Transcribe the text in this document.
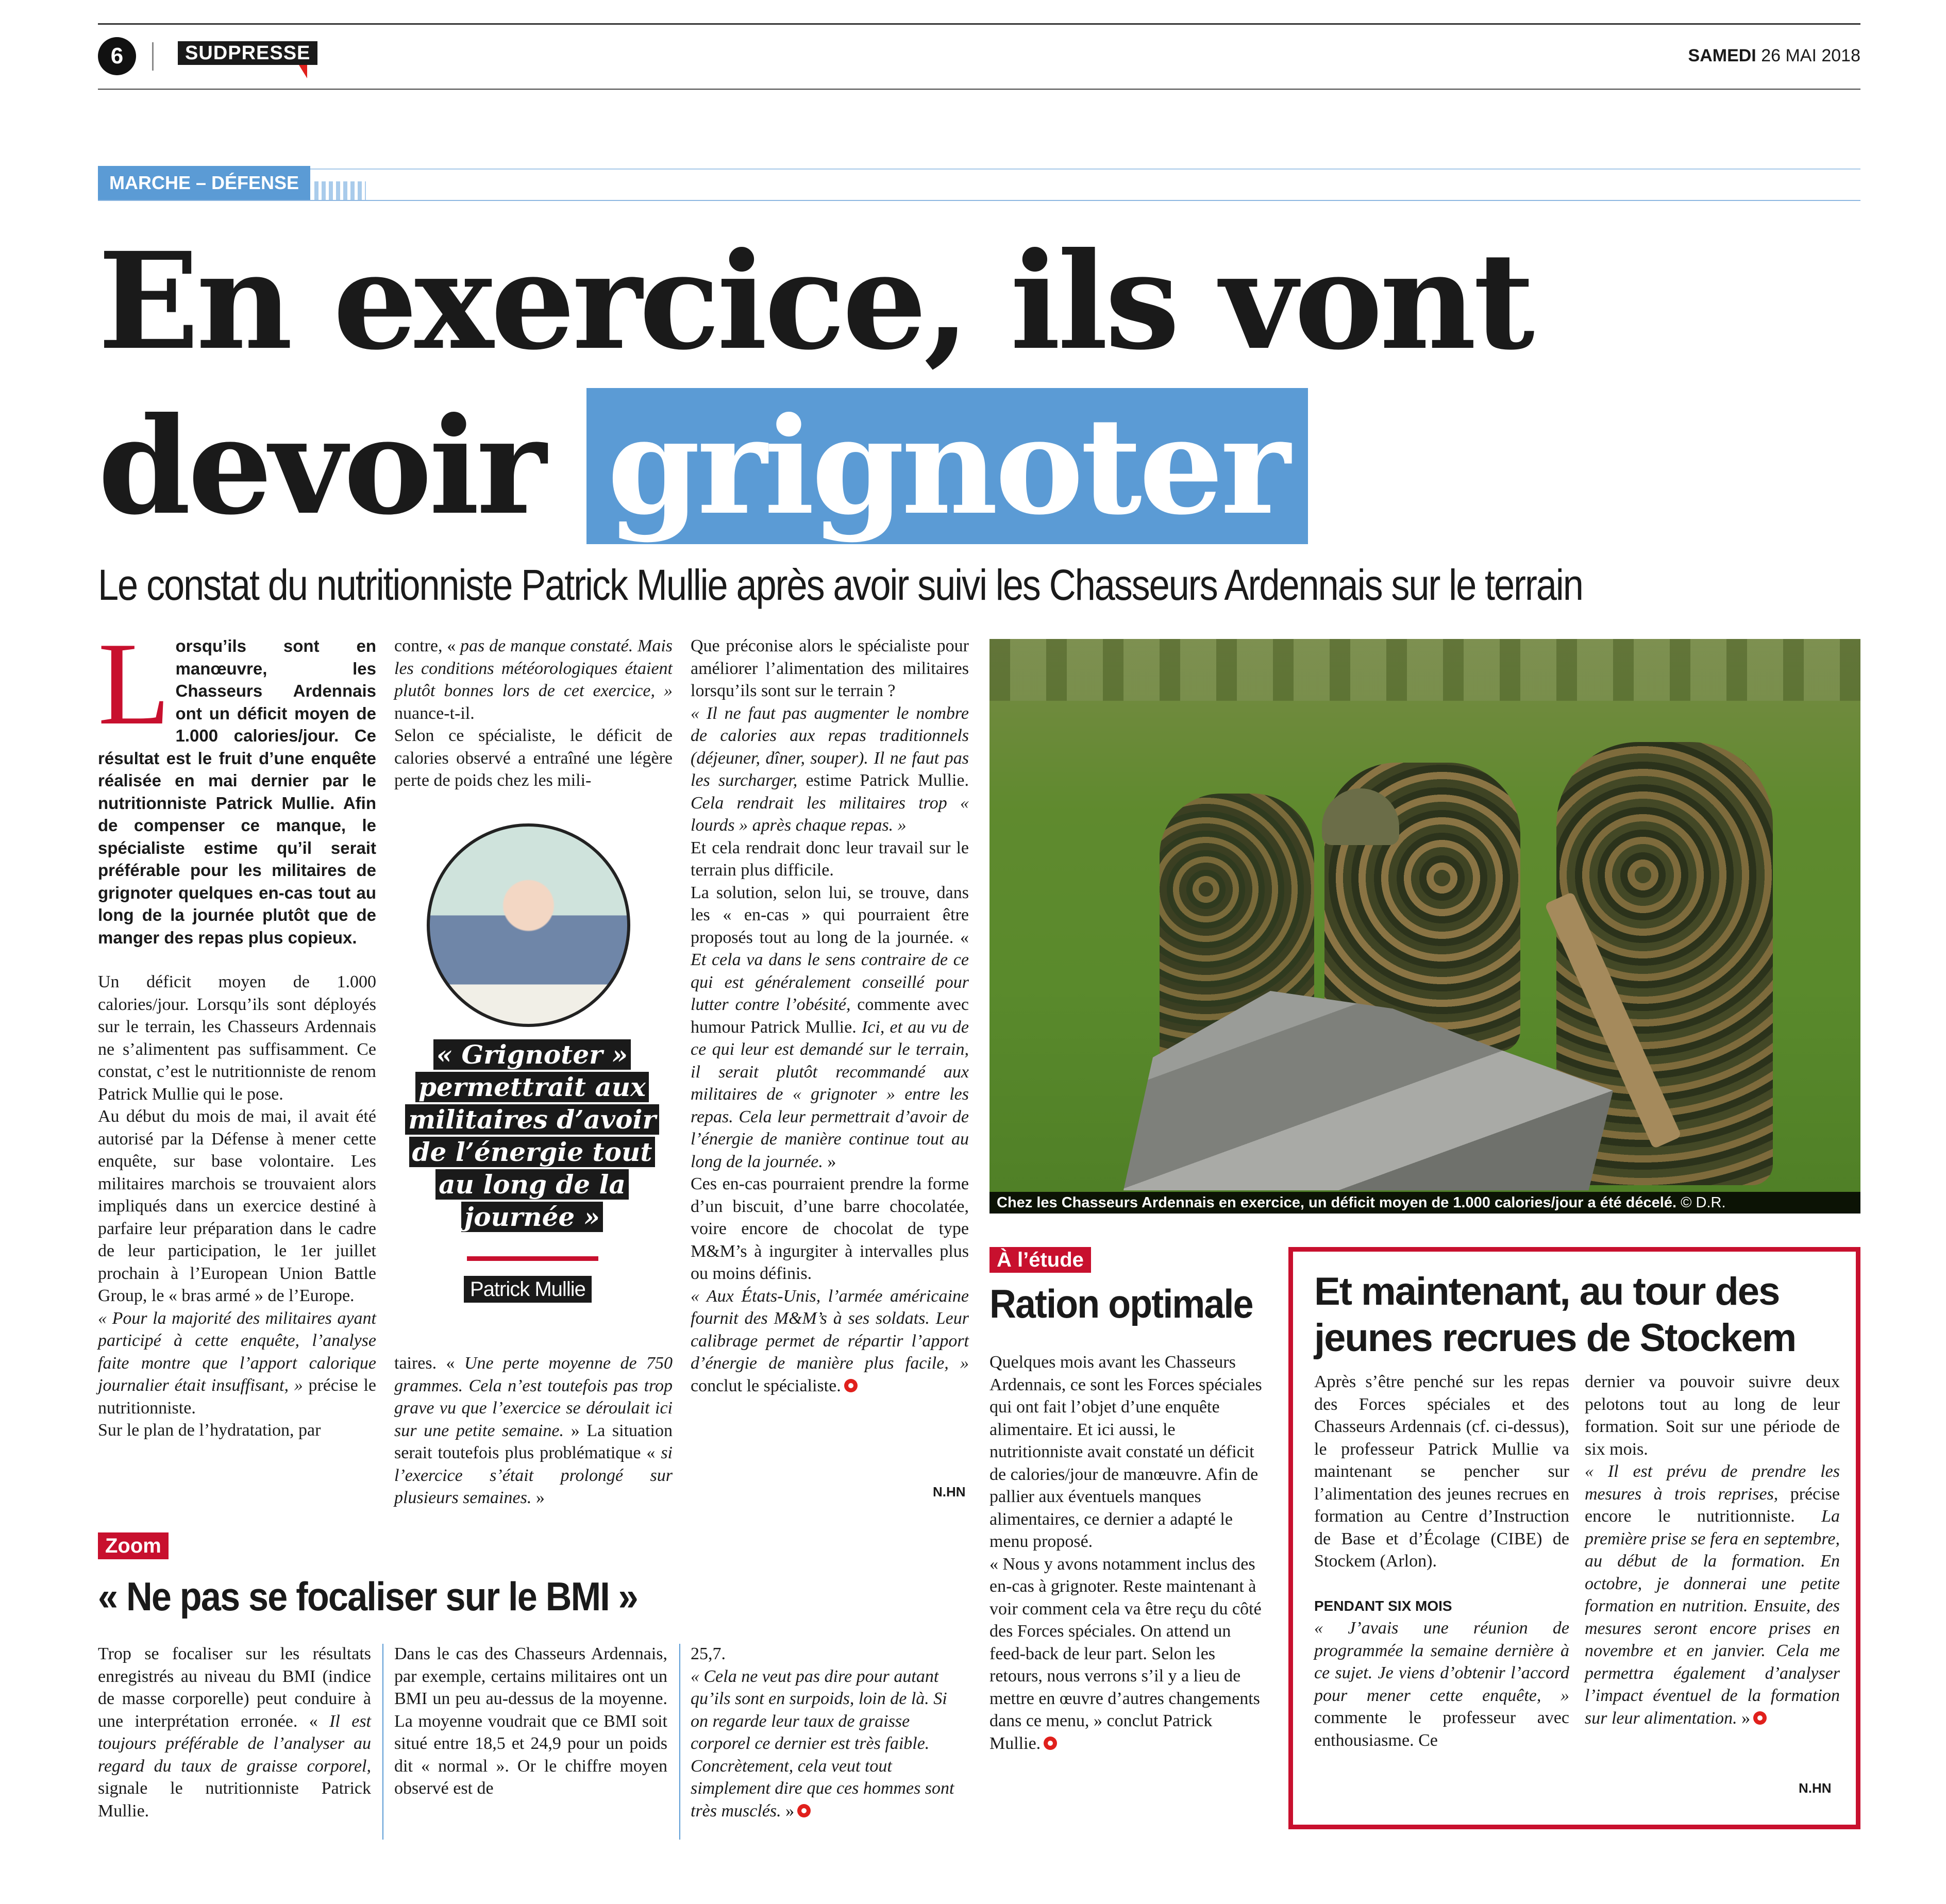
6	SUDPRESSE	SAMEDI 26 MAI 2018
MARCHE – DÉFENSE
En exercice, ils vont
devoir grignoter
Le constat du nutritionniste Patrick Mullie après avoir suivi les Chasseurs Ardennais sur le terrain
L orsqu’ils sont en manœuvre, les Chasseurs Ardennais ont un déficit moyen de 1.000 calories/jour. Ce résultat est le fruit d’une enquête réalisée en mai dernier par le nutritionniste Patrick Mullie. Afin de compenser ce manque, le spécialiste estime qu’il serait préférable pour les militaires de grignoter quelques en-cas tout au long de la journée plutôt que de manger des repas plus copieux.

Un déficit moyen de 1.000 calories/jour. Lorsqu’ils sont déployés sur le terrain, les Chasseurs Ardennais ne s’alimentent pas suffisamment. Ce constat, c’est le nutritionniste de renom Patrick Mullie qui le pose.

Au début du mois de mai, il avait été autorisé par la Défense à mener cette enquête, sur base volontaire. Les militaires marchois se trouvaient alors impliqués dans un exercice destiné à parfaire leur préparation dans le cadre de leur participation, le 1er juillet prochain à l’European Union Battle Group, le « bras armé » de l’Europe.

« Pour la majorité des militaires ayant participé à cette enquête, l’analyse faite montre que l’apport calorique journalier était insuffisant, » précise le nutritionniste.

Sur le plan de l’hydratation, par

contre, « pas de manque constaté. Mais les conditions météorologiques étaient plutôt bonnes lors de cet exercice, » nuance-t-il.

Selon ce spécialiste, le déficit de calories observé a entraîné une légère perte de poids chez les mili-

« Grignoter » permettrait aux militaires d’avoir de l’énergie tout au long de la journée »
Patrick Mullie

taires. « Une perte moyenne de 750 grammes. Cela n’est toutefois pas trop grave vu que l’exercice se déroulait ici sur une petite semaine. » La situation serait toutefois plus problématique « si l’exercice s’était prolongé sur plusieurs semaines. »

Que préconise alors le spécialiste pour améliorer l’alimentation des militaires lorsqu’ils sont sur le terrain ?

« Il ne faut pas augmenter le nombre de calories aux repas traditionnels (déjeuner, dîner, souper). Il ne faut pas les surcharger, estime Patrick Mullie. Cela rendrait les militaires trop « lourds » après chaque repas. »

Et cela rendrait donc leur travail sur le terrain plus difficile.

La solution, selon lui, se trouve, dans les « en-cas » qui pourraient être proposés tout au long de la journée. « Et cela va dans le sens contraire de ce qui est généralement conseillé pour lutter contre l’obésité, commente avec humour Patrick Mullie. Ici, et au vu de ce qui leur est demandé sur le terrain, il serait plutôt recommandé aux militaires de « grignoter » entre les repas. Cela leur permettrait d’avoir de l’énergie de manière continue tout au long de la journée. »

Ces en-cas pourraient prendre la forme d’un biscuit, d’une barre chocolatée, voire encore de chocolat de type M&M’s à ingurgiter à intervalles plus ou moins définis.

« Aux États-Unis, l’armée américaine fournit des M&M’s à ses soldats. Leur calibrage permet de répartir l’apport d’énergie de manière plus facile, » conclut le spécialiste.

N.HN
Chez les Chasseurs Ardennais en exercice, un déficit moyen de 1.000 calories/jour a été décelé. © D.R.
À l’étude
Ration optimale

Quelques mois avant les Chasseurs Ardennais, ce sont les Forces spéciales qui ont fait l’objet d’une enquête alimentaire. Et ici aussi, le nutritionniste avait constaté un déficit de calories/jour de manœuvre. Afin de pallier aux éventuels manques alimentaires, ce dernier a adapté le menu proposé.

« Nous y avons notamment inclus des en-cas à grignoter. Reste maintenant à voir comment cela va être reçu du côté des Forces spéciales. On attend un feed-back de leur part. Selon les retours, nous verrons s’il y a lieu de mettre en œuvre d’autres changements dans ce menu, » conclut Patrick Mullie.

Et maintenant, au tour des jeunes recrues de Stockem

Après s’être penché sur les repas des Forces spéciales et des Chasseurs Ardennais (cf. ci-dessus), le professeur Patrick Mullie va maintenant se pencher sur l’alimentation des jeunes recrues en formation au Centre d’Instruction de Base et d’Écolage (CIBE) de Stockem (Arlon).

PENDANT SIX MOIS

« J’avais une réunion de programmée la semaine dernière à ce sujet. Je viens d’obtenir l’accord pour mener cette enquête, » commente le professeur avec enthousiasme. Ce

dernier va pouvoir suivre deux pelotons tout au long de leur formation. Soit sur une période de six mois.

« Il est prévu de prendre les mesures à trois reprises, précise encore le nutritionniste. La première prise se fera en septembre, au début de la formation. En octobre, je donnerai une petite formation en nutrition. Ensuite, des mesures seront encore prises en novembre et en janvier. Cela me permettra également d’analyser l’impact éventuel de la formation sur leur alimentation. »

N.HN
Zoom
« Ne pas se focaliser sur le BMI »

Trop se focaliser sur les résultats enregistrés au niveau du BMI (indice de masse corporelle) peut conduire à une interprétation erronée. « Il est toujours préférable de l’analyser au regard du taux de graisse corporel, signale le nutritionniste Patrick Mullie.

Dans le cas des Chasseurs Ardennais, par exemple, certains militaires ont un BMI un peu au-dessus de la moyenne. La moyenne voudrait que ce BMI soit situé entre 18,5 et 24,9 pour un poids dit « normal ». Or le chiffre moyen observé est de

25,7.

« Cela ne veut pas dire pour autant qu’ils sont en surpoids, loin de là. Si on regarde leur taux de graisse corporel ce dernier est très faible. Concrètement, cela veut tout simplement dire que ces hommes sont très musclés. »
